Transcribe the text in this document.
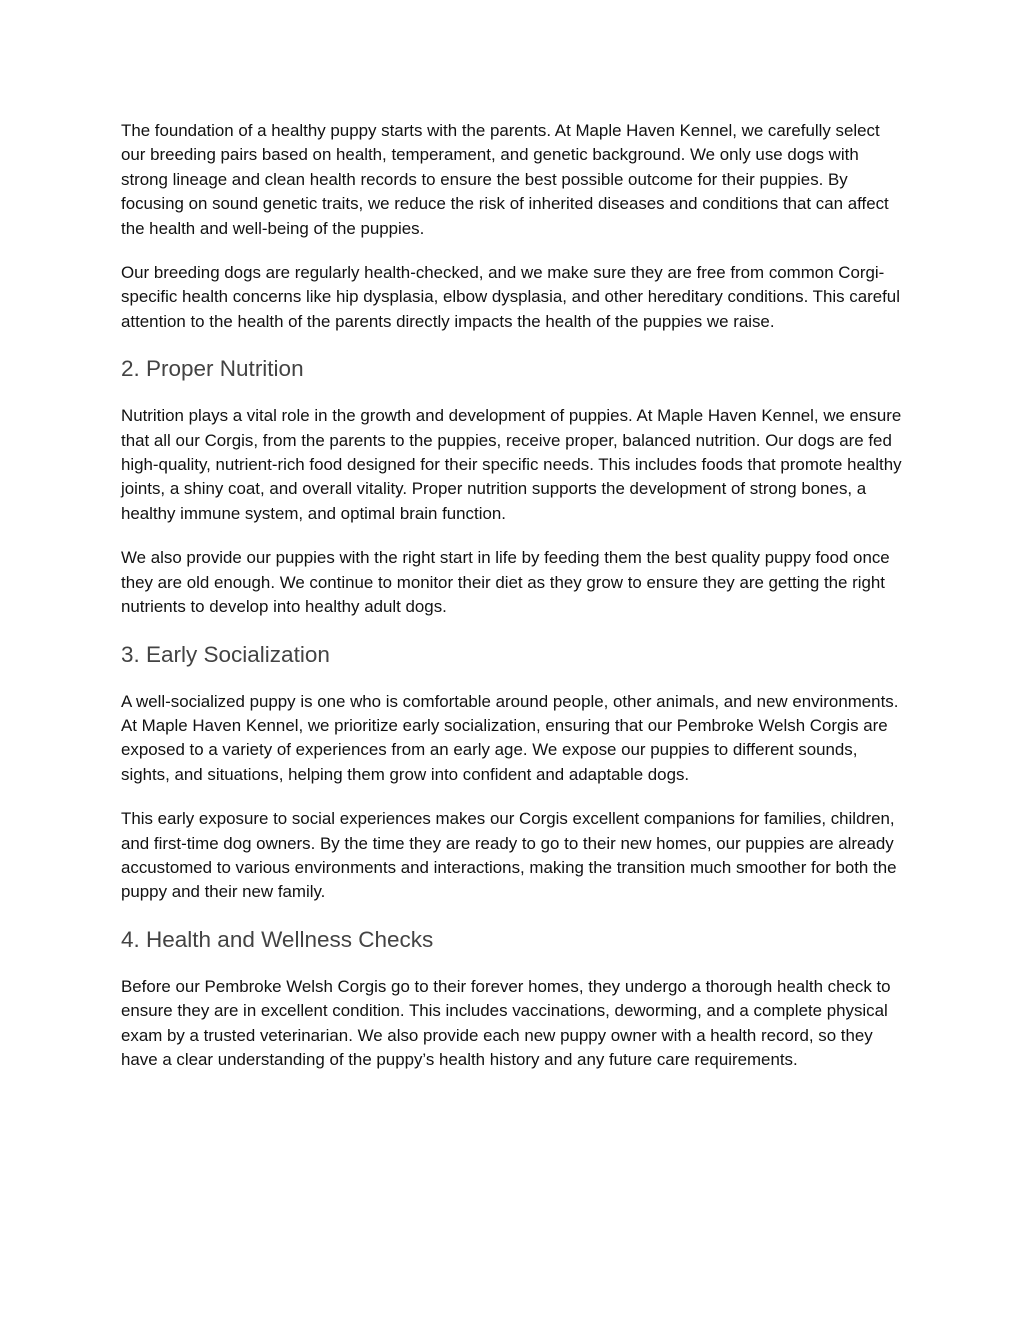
The foundation of a healthy puppy starts with the parents. At Maple Haven Kennel, we carefully select our breeding pairs based on health, temperament, and genetic background. We only use dogs with strong lineage and clean health records to ensure the best possible outcome for their puppies. By focusing on sound genetic traits, we reduce the risk of inherited diseases and conditions that can affect the health and well-being of the puppies.

Our breeding dogs are regularly health-checked, and we make sure they are free from common Corgi-specific health concerns like hip dysplasia, elbow dysplasia, and other hereditary conditions. This careful attention to the health of the parents directly impacts the health of the puppies we raise.

2. Proper Nutrition

Nutrition plays a vital role in the growth and development of puppies. At Maple Haven Kennel, we ensure that all our Corgis, from the parents to the puppies, receive proper, balanced nutrition. Our dogs are fed high-quality, nutrient-rich food designed for their specific needs. This includes foods that promote healthy joints, a shiny coat, and overall vitality. Proper nutrition supports the development of strong bones, a healthy immune system, and optimal brain function.

We also provide our puppies with the right start in life by feeding them the best quality puppy food once they are old enough. We continue to monitor their diet as they grow to ensure they are getting the right nutrients to develop into healthy adult dogs.

3. Early Socialization

A well-socialized puppy is one who is comfortable around people, other animals, and new environments. At Maple Haven Kennel, we prioritize early socialization, ensuring that our Pembroke Welsh Corgis are exposed to a variety of experiences from an early age. We expose our puppies to different sounds, sights, and situations, helping them grow into confident and adaptable dogs.

This early exposure to social experiences makes our Corgis excellent companions for families, children, and first-time dog owners. By the time they are ready to go to their new homes, our puppies are already accustomed to various environments and interactions, making the transition much smoother for both the puppy and their new family.

4. Health and Wellness Checks

Before our Pembroke Welsh Corgis go to their forever homes, they undergo a thorough health check to ensure they are in excellent condition. This includes vaccinations, deworming, and a complete physical exam by a trusted veterinarian. We also provide each new puppy owner with a health record, so they have a clear understanding of the puppy’s health history and any future care requirements.
